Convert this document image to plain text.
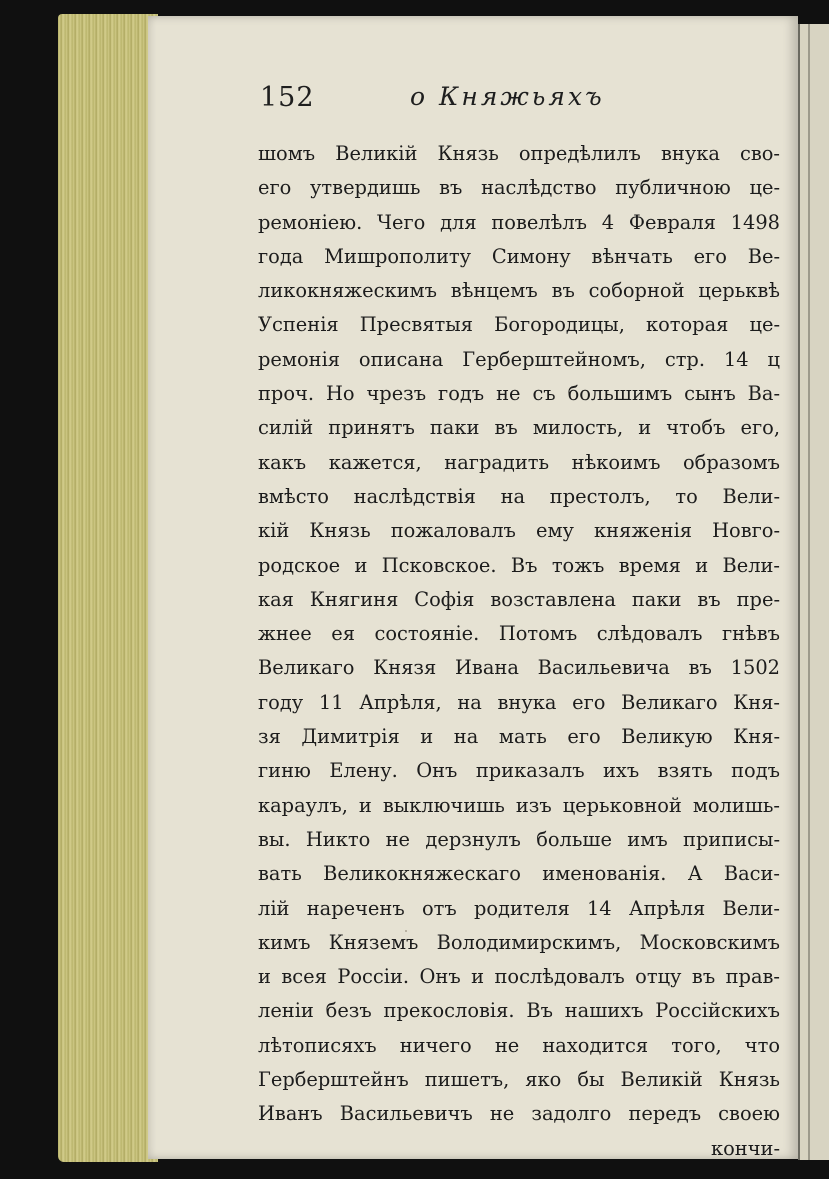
152	о Княжьяхъ
шомъ Великій Князь опредѣлилъ внука сво-
его утвердишь въ наслѣдство публичною це-
ремоніею. Чего для повелѣлъ 4 Февраля 1498
года Мишрополиту Симону вѣнчать его Ве-
ликокняжескимъ вѣнцемъ въ соборной церьквѣ
Успенія Пресвятыя Богородицы, которая це-
ремонія описана Герберштейномъ, стр. 14 ц
проч. Но чрезъ годъ не съ большимъ сынъ Ва-
силій принятъ паки въ милость, и чтобъ его,
какъ кажется, наградить нѣкоимъ образомъ
вмѣсто наслѣдствія на престолъ, то Вели-
кій Князь пожаловалъ ему княженія Новго-
родское и Псковское. Въ тожъ время и Вели-
кая Княгиня Софія возставлена паки въ пре-
жнее ея состояніе. Потомъ слѣдовалъ гнѣвъ
Великаго Князя Ивана Васильевича въ 1502
году 11 Апрѣля, на внука его Великаго Кня-
зя Димитрія и на мать его Великую Кня-
гиню Елену. Онъ приказалъ ихъ взять подъ
караулъ, и выключишь изъ церьковной молишь-
вы. Никто не дерзнулъ больше имъ приписы-
вать Великокняжескаго именованія. А Васи-
лій нареченъ отъ родителя 14 Апрѣля Вели-
кимъ Княземъ Володимирскимъ, Московскимъ
и всея Россіи. Онъ и послѣдовалъ отцу въ прав-
леніи безъ прекословія. Въ нашихъ Россійскихъ
лѣтописяхъ ничего не находится того, что
Герберштейнъ пишетъ, яко бы Великій Князь
Иванъ Васильевичъ не задолго передъ своею
кончи-
